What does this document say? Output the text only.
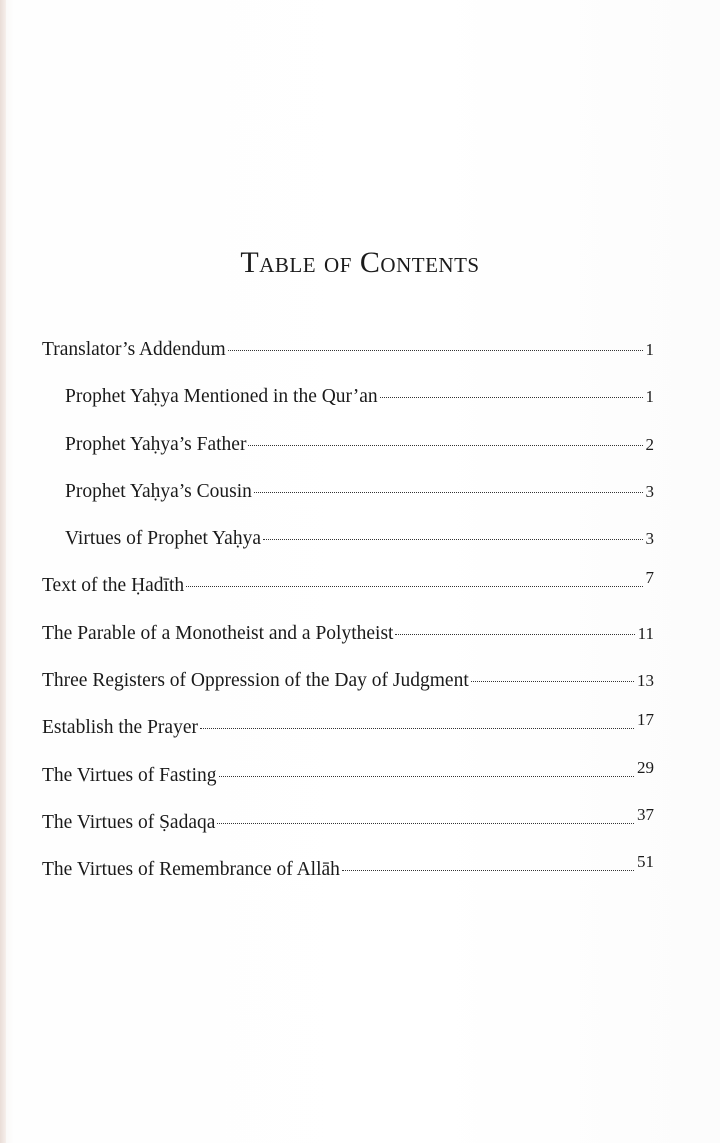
Table of Contents
Translator’s Addendum	1
Prophet Yaḥya Mentioned in the Qur’an	1
Prophet Yaḥya’s Father	2
Prophet Yaḥya’s Cousin	3
Virtues of Prophet Yaḥya	3
Text of the Ḥadīth	7
The Parable of a Monotheist and a Polytheist	11
Three Registers of Oppression of the Day of Judgment	13
Establish the Prayer	17
The Virtues of Fasting	29
The Virtues of Ṣadaqa	37
The Virtues of Remembrance of Allāh	51
